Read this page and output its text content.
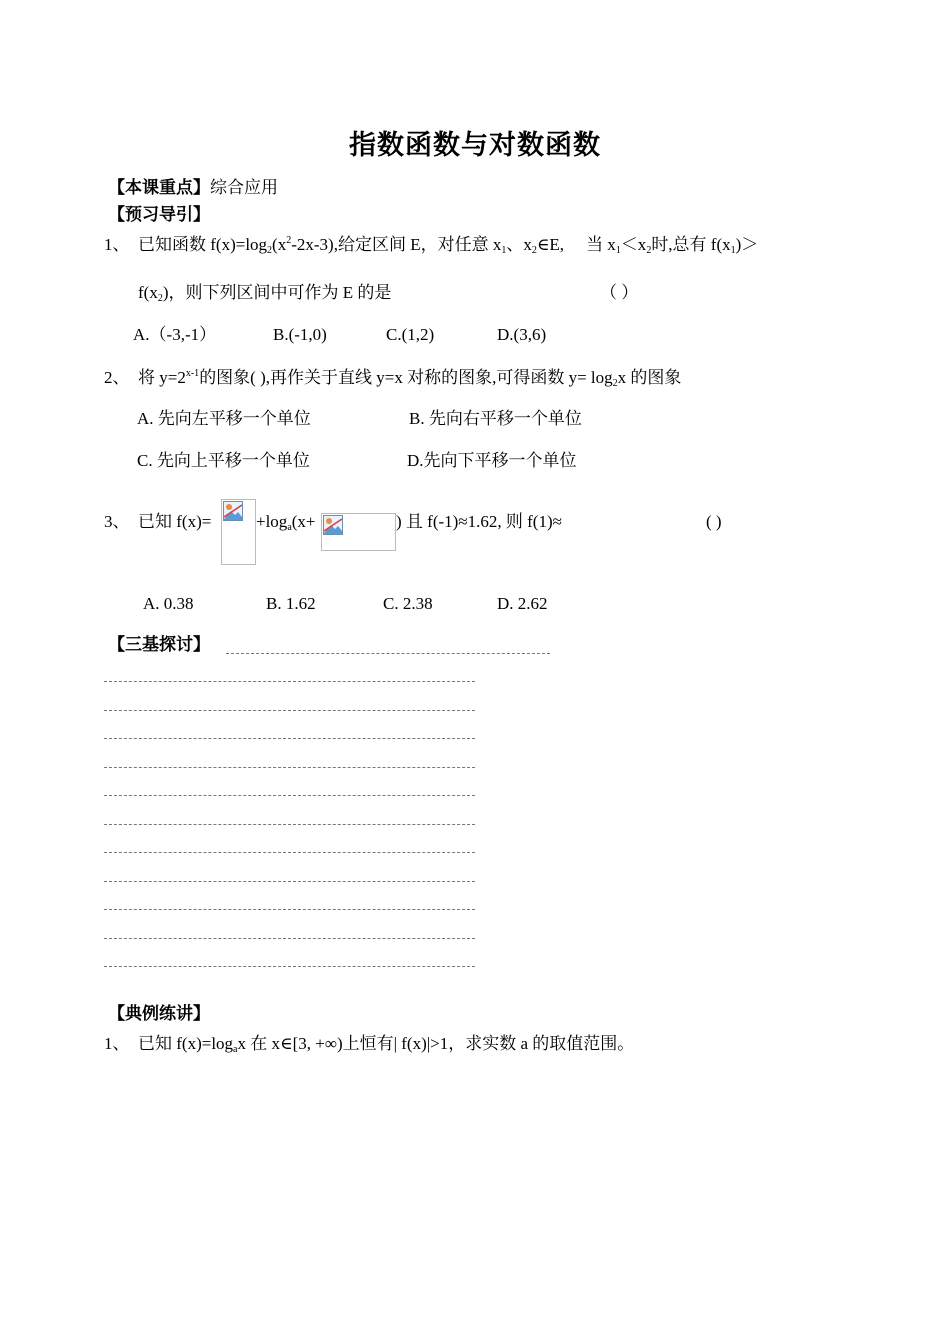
指数函数与对数函数
【本课重点】综合应用
【预习导引】
1、 已知函数 $f(x)=\log_2(x^2-2x-3)$,给定区间 E，对任意 $x_1$、$x_2\in E$, 当 $x_1<x_2$时,总有 $f(x_1)>$
$f(x_2)$，则下列区间中可作为 E 的是	（ ）
A.（-3,-1）	B.(-1,0)	C.(1,2)	D.(3,6)
2、 将 $y=2^{x-1}$的图象( ),再作关于直线 y=x 对称的图象,可得函数 $y= \log_2x$ 的图象
A. 先向左平移一个单位	B. 先向右平移一个单位
C. 先向上平移一个单位	D.先向下平移一个单位
3、 已知 f(x)=	$+\log_a(x+$	) 且 f(-1)≈1.62, 则 f(1)≈	( )
A. 0.38	B. 1.62	C. 2.38	D. 2.62
【三基探讨】
【典例练讲】
1、 已知 $f(x)=\log_ax$ 在 x∈[3, +∞)上恒有| f(x)|>1，求实数 a 的取值范围。
